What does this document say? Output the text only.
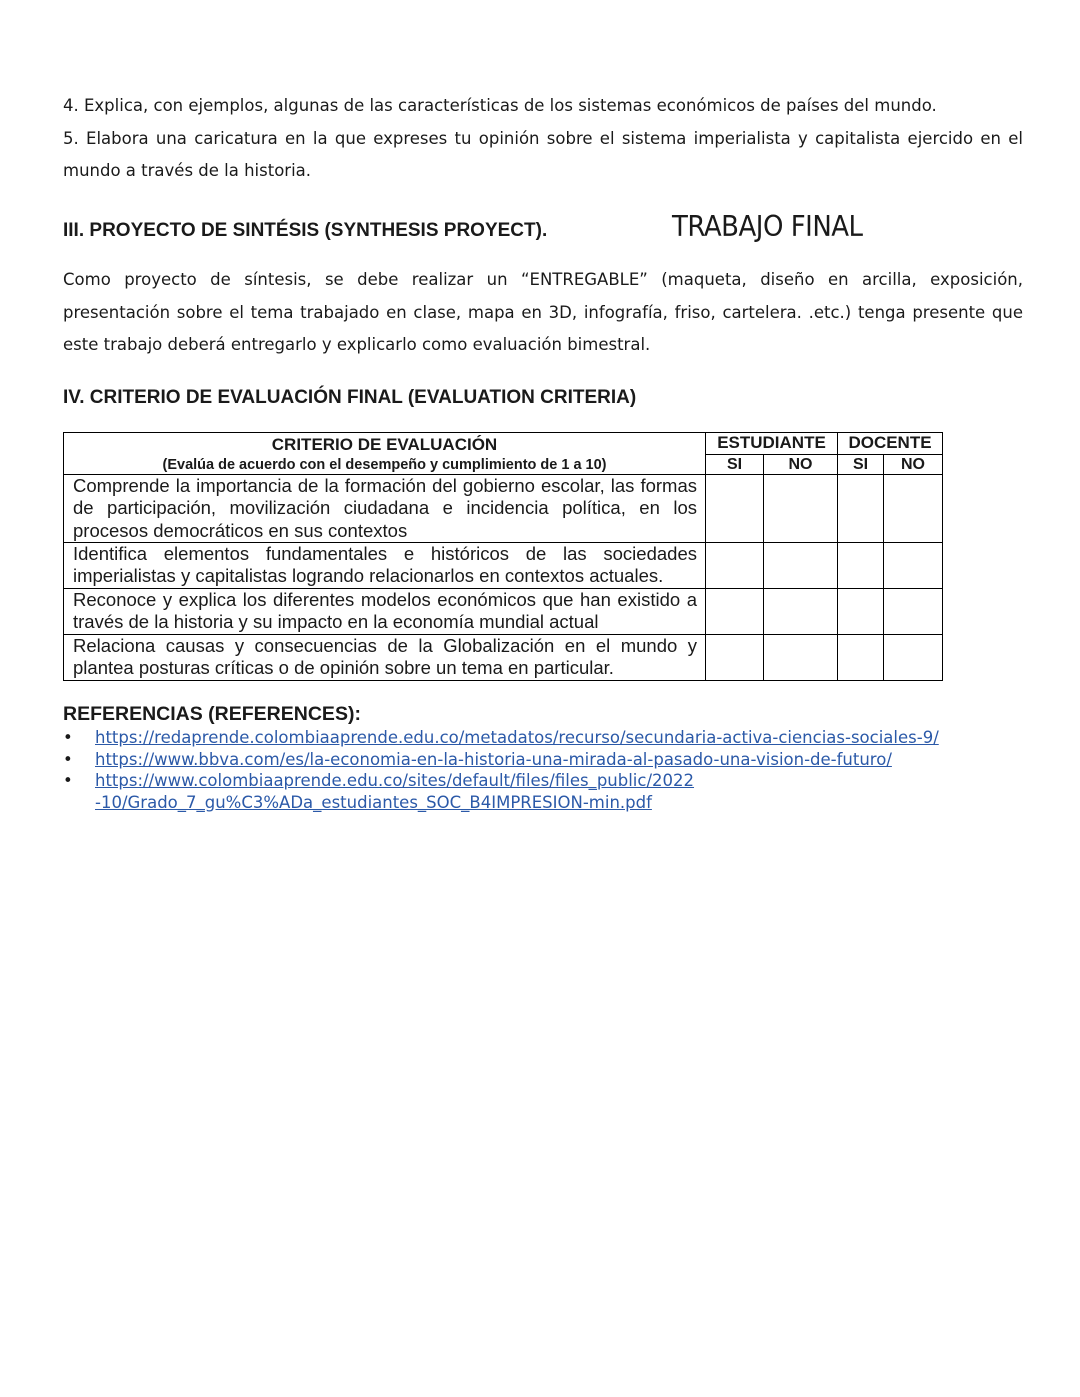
4. Explica, con ejemplos, algunas de las características de los sistemas económicos de países del mundo.

5. Elabora una caricatura en la que expreses tu opinión sobre el sistema imperialista y capitalista ejercido en el mundo a través de la historia.

III. PROYECTO DE SINTÉSIS (SYNTHESIS PROYECT).	TRABAJO FINAL
Como proyecto de síntesis, se debe realizar un “ENTREGABLE” (maqueta, diseño en arcilla, exposición, presentación sobre el tema trabajado en clase, mapa en 3D, infografía, friso, cartelera. .etc.) tenga presente que este trabajo deberá entregarlo y explicarlo como evaluación bimestral.
IV. CRITERIO DE EVALUACIÓN FINAL (EVALUATION CRITERIA)
CRITERIO DE EVALUACIÓN
(Evalúa de acuerdo con el desempeño y cumplimiento de 1 a 10)	ESTUDIANTE		DOCENTE	
	SI	NO	SI	NO
Comprende la importancia de la formación del gobierno escolar, las formas de participación, movilización ciudadana e incidencia política, en los procesos democráticos en sus contextos				
Identifica elementos fundamentales e históricos de las sociedades imperialistas y capitalistas logrando relacionarlos en contextos actuales.				
Reconoce y explica los diferentes modelos económicos que han existido a través de la historia y su impacto en la economía mundial actual				
Relaciona causas y consecuencias de la Globalización en el mundo y plantea posturas críticas o de opinión sobre un tema en particular.				
REFERENCIAS (REFERENCES):
• https://redaprende.colombiaaprende.edu.co/metadatos/recurso/secundaria-activa-ciencias-sociales-9/
• https://www.bbva.com/es/la-economia-en-la-historia-una-mirada-al-pasado-una-vision-de-futuro/
• https://www.colombiaaprende.edu.co/sites/default/files/files_public/2022-10/Grado_7_gu%C3%ADa_estudiantes_SOC_B4IMPRESION-min.pdf
